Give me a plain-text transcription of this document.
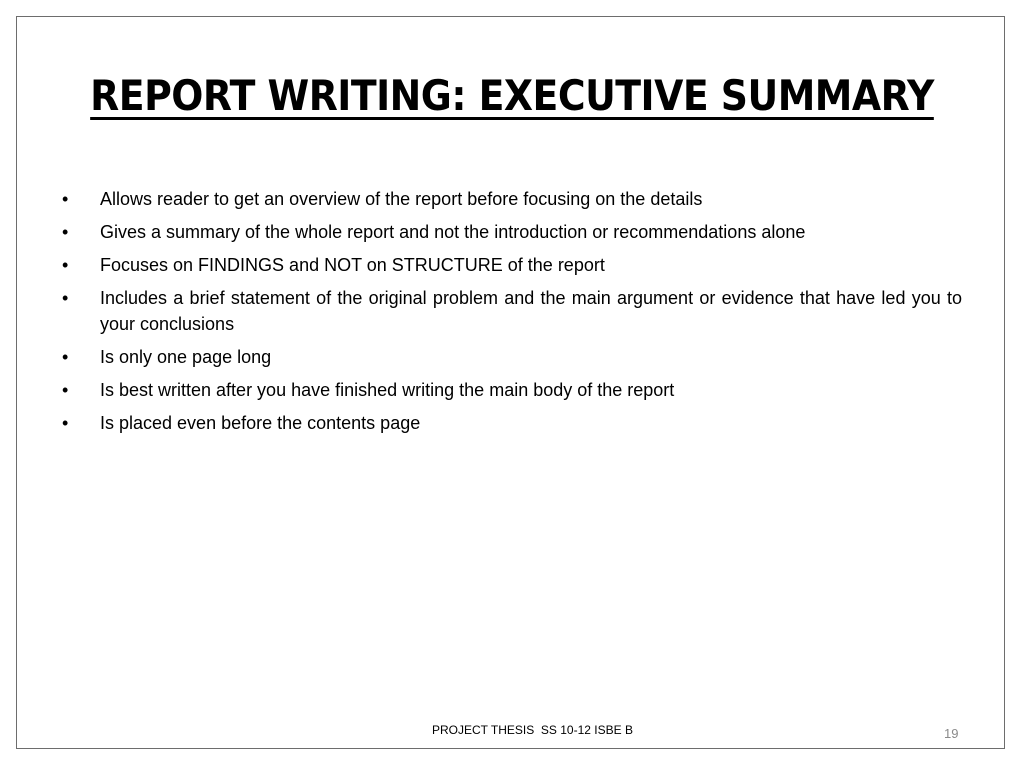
REPORT WRITING: EXECUTIVE SUMMARY
•	Allows reader to get an overview of the report before focusing on the details
•	Gives a summary of the whole report and not the introduction or recommendations alone
•	Focuses on FINDINGS and NOT on STRUCTURE of the report
•	Includes a brief statement of the original problem and the main argument or evidence that have led you to your conclusions
•	Is only one page long
•	Is best written after you have finished writing the main body of the report
•	Is placed even before the contents page
PROJECT THESIS  SS 10-12 ISBE B	19
